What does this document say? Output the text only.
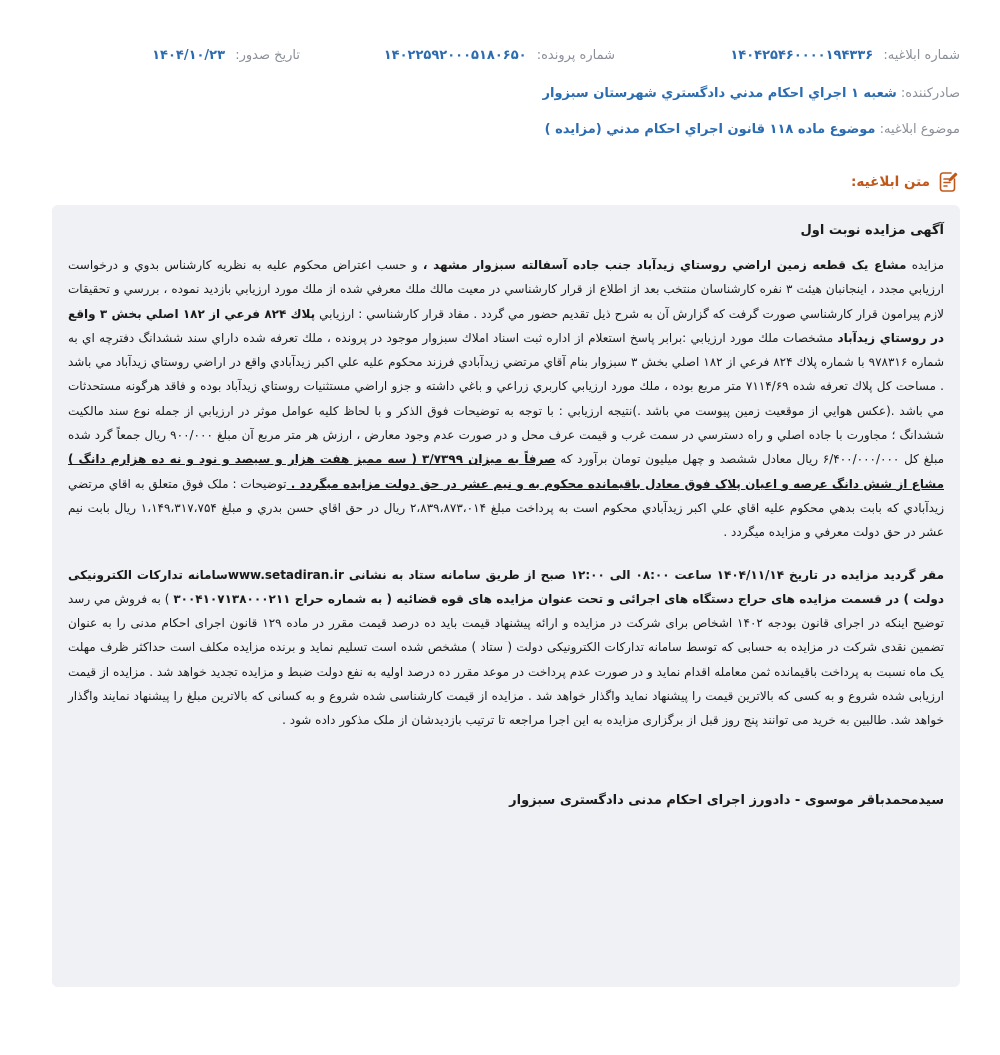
شماره ابلاغیه: ۱۴۰۴۲۵۴۶۰۰۰۰۱۹۴۳۳۶
شماره پرونده: ۱۴۰۲۲۵۹۲۰۰۰۵۱۸۰۶۵۰
تاریخ صدور: ۱۴۰۴/۱۰/۲۳
صادرکننده: شعبه ۱ اجراي احكام مدني دادگستري شهرستان سبزوار
موضوع ابلاغیه: موضوع ماده ۱۱۸ قانون اجراي احكام مدني (مزايده )
متن ابلاغیه:
آگهی مزایده نوبت اول

مزايده مشاع يک قطعه زمين اراضي روستاي زيدآباد جنب جاده آسفالته سبزوار مشهد ، و حسب اعتراض محكوم عليه به نظريه كارشناس بدوي و درخواست ارزيابي مجدد ، اينجانبان هيئت ۳ نفره كارشناسان منتخب بعد از اطلاع از قرار كارشناسي در معيت مالك ملك معرفي شده از ملك مورد ارزيابي بازديد نموده ، بررسي و تحقيقات لازم پيرامون قرار كارشناسي صورت گرفت كه گزارش آن به شرح ذيل تقديم حضور مي گردد . مفاد قرار كارشناسي : ارزيابي پلاك ۸۲۴ فرعي از ۱۸۲ اصلي بخش ۳ واقع در روستاي زيدآباد مشخصات ملك مورد ارزيابي :برابر پاسخ استعلام از اداره ثبت اسناد املاك سبزوار موجود در پرونده ، ملك تعرفه شده داراي سند ششدانگ دفترچه اي به شماره ۹۷۸۳۱۶ با شماره پلاك ۸۲۴ فرعي از ۱۸۲ اصلي بخش ۳ سبزوار بنام آقاي مرتضي زيدآبادي فرزند محكوم عليه علي اكبر زيدآبادي واقع در اراضي روستاي زيدآباد مي باشد . مساحت كل پلاك تعرفه شده ۷۱۱۴/۶۹ متر مربع بوده ، ملك مورد ارزيابي كاربري زراعي و باغي داشته و جزو اراضي مستثنيات روستاي زيدآباد بوده و فاقد هرگونه مستحدثات مي باشد .(عكس هوايي از موقعيت زمين پيوست مي باشد .)نتيجه ارزيابي : با توجه به توضيحات فوق الذكر و با لحاظ كليه عوامل موثر در ارزيابي از جمله نوع سند مالكيت ششدانگ ؛ مجاورت با جاده اصلي و راه دسترسي در سمت غرب و قيمت عرف محل و در صورت عدم وجود معارض ، ارزش هر متر مربع آن مبلغ ۹۰۰/۰۰۰ ريال جمعاً گرد شده مبلغ كل ۶/۴۰۰/۰۰۰/۰۰۰ ريال معادل ششصد و چهل ميليون تومان برآورد كه صرفاً به ميزان ۳/۷۳۹۹ ( سه مميز هفت هزار و سيصد و نود و نه ده هزارم دانگ ) مشاع از شش دانگ عرصه و اعيان پلاک فوق معادل باقيمانده محکوم به و نيم عشر در حق دولت مزايده ميگردد . توضيحات : ملک فوق متعلق به اقاي مرتضي زيدآبادي که بابت بدهي محکوم عليه اقاي علي اکبر زيدآبادي محکوم است به پرداخت مبلغ ۲،۸۳۹،۸۷۳،۰۱۴ ريال در حق اقاي حسن بدري و مبلغ ۱،۱۴۹،۳۱۷،۷۵۴ ريال بابت نيم عشر در حق دولت معرفي و مزايده ميگردد .

مقر گرديد مزايده در تاريخ ۱۴۰۴/۱۱/۱۴ ساعت ۰۸:۰۰ الی ۱۲:۰۰ صبح از طريق سامانه ستاد به نشانی www.setadiran.irسامانه تدارکات الکترونيکی دولت ) در قسمت مزايده های حراج دستگاه های اجرائی و تحت عنوان مزايده های قوه قضائيه ( به شماره حراج ۳۰۰۴۱۰۷۱۳۸۰۰۰۲۱۱ ) به فروش مي رسد توضيح اينکه در اجرای قانون بودجه ۱۴۰۲ اشخاص برای شرکت در مزايده و ارائه پيشنهاد قيمت بايد ده درصد قيمت مقرر در ماده ۱۲۹ قانون اجرای احکام مدنی را به عنوان تضمين نقدی شرکت در مزايده به حسابی که توسط سامانه تدارکات الکترونيکی دولت ( ستاد ) مشخص شده است تسليم نمايد و برنده مزايده مکلف است حداکثر ظرف مهلت يک ماه نسبت به پرداخت باقيمانده ثمن معامله اقدام نمايد و در صورت عدم پرداخت در موعد مقرر ده درصد اوليه به نفع دولت ضبط و مزايده تجديد خواهد شد . مزايده از قيمت ارزيابی شده شروع و به کسی که بالاترين قيمت را پيشنهاد نمايد واگذار خواهد شد . مزايده از قيمت کارشناسی شده شروع و به کسانی که بالاترين مبلغ را پيشنهاد نمايند واگذار خواهد شد. طالبين به خريد می توانند پنج روز قبل از برگزاری مزايده به اين اجرا مراجعه تا ترتيب بازديدشان از ملک مذکور داده شود .

سیدمحمدباقر موسوی - دادورز اجرای احکام مدنی دادگستری سبزوار
